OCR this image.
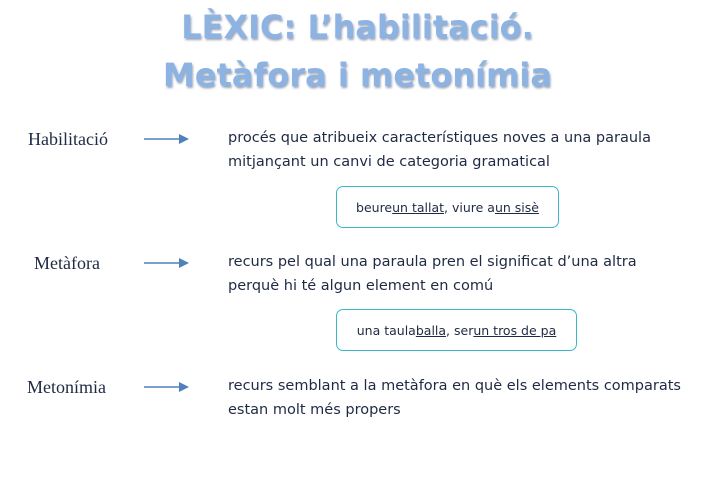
LÈXIC: L’habilitació.
Metàfora i metonímia
Habilitació	procés que atribueix característiques noves a una paraula
mitjançant un canvi de categoria gramatical
beure un tallat , viure a un sisè
Metàfora	recurs pel qual una paraula pren el significat d’una altra
perquè hi té algun element en comú
una taula balla , ser un tros de pa
Metonímia	recurs semblant a la metàfora en què els elements comparats
estan molt més propers
